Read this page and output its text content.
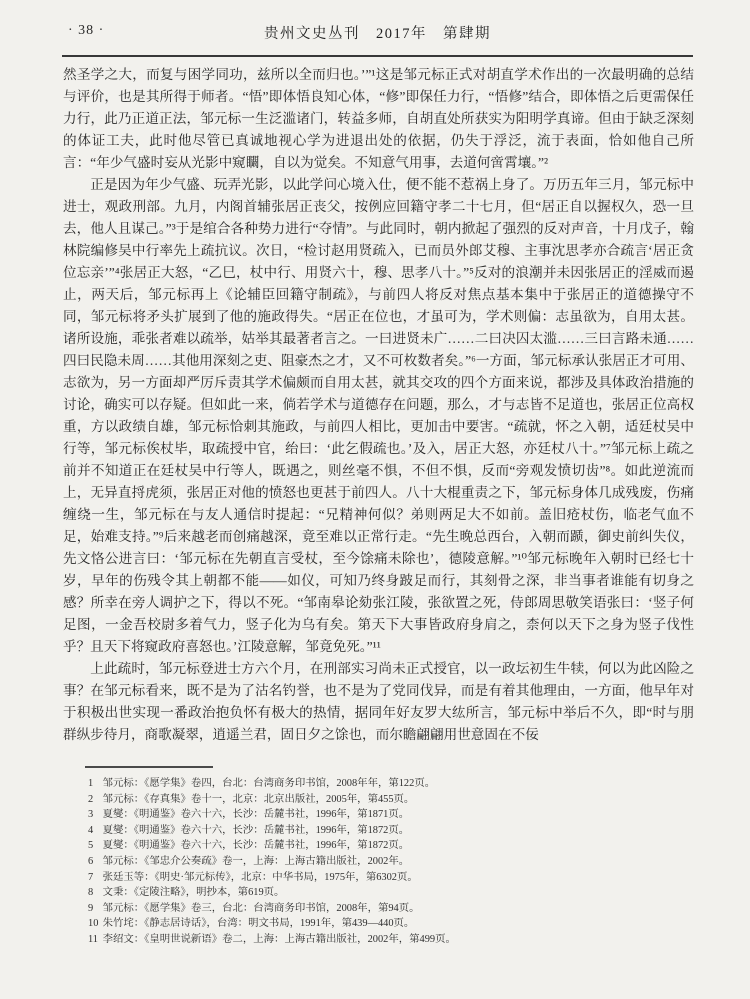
· 38 ·	贵州文史丛刊　2017年　第肆期

然圣学之大，而复与困学同功，兹所以全而归也。’”¹这是邹元标正式对胡直学术作出的一次最明确的总结与评价，也是其所得于师者。“悟”即体悟良知心体，“修”即保任力行，“悟修”结合，即体悟之后更需保任力行，此乃正道正法，邹元标一生泛滥诸门，转益多师，自胡直处所获实为阳明学真谛。但由于缺乏深刻的体证工夫，此时他尽管已真诚地视心学为进退出处的依据，仍失于浮泛，流于表面，恰如他自己所言：“年少气盛时妄从光影中窥矙，自以为觉矣。不知意气用事，去道何啻霄壤。”²

正是因为年少气盛、玩弄光影，以此学问心境入仕，便不能不惹祸上身了。万历五年三月，邹元标中进士，观政刑部。九月，内阁首辅张居正丧父，按例应回籍守孝二十七月，但“居正自以握权久，恐一旦去，他人且谋己。”³于是绾合各种势力进行“夺情”。与此同时，朝内掀起了强烈的反对声音，十月戊子，翰林院编修吴中行率先上疏抗议。次日，“检讨赵用贤疏入，已而员外郎艾穆、主事沈思孝亦合疏言‘居正贪位忘亲’”⁴张居正大怒，“乙巳，杖中行、用贤六十，穆、思孝八十。”⁵反对的浪潮并未因张居正的淫威而遏止，两天后，邹元标再上《论辅臣回籍守制疏》，与前四人将反对焦点基本集中于张居正的道德操守不同，邹元标将矛头扩展到了他的施政得失。“居正在位也，才虽可为，学术则偏：志虽欲为，自用太甚。诸所设施，乖张者难以疏举，姑举其最著者言之。一曰进贤未广……二曰决囚太滥……三曰言路未通……四曰民隐未周……其他用深刻之吏、阻豪杰之才，又不可枚数者矣。”⁶一方面，邹元标承认张居正才可用、志欲为，另一方面却严厉斥责其学术偏颇而自用太甚，就其交攻的四个方面来说，都涉及具体政治措施的讨论，确实可以存疑。但如此一来，倘若学术与道德存在问题，那么，才与志皆不足道也，张居正位高权重，方以政绩自雄，邹元标恰刺其施政，与前四人相比，更加击中要害。“疏就，怀之入朝，适廷杖吴中行等，邹元标俟杖毕，取疏授中官，绐曰：‘此乞假疏也。’及入，居正大怒，亦廷杖八十。”⁷邹元标上疏之前并不知道正在廷杖吴中行等人，既遇之，则丝毫不惧，不但不惧，反而“旁观发愤切齿”⁸。如此逆流而上，无异直捋虎须，张居正对他的愤怒也更甚于前四人。八十大棍重责之下，邹元标身体几成残废，伤痛缠绕一生，邹元标在与友人通信时提起：“兄精神何似？弟则两足大不如前。盖旧疮杖伤，临老气血不足，始难支持。”⁹后来越老而创痛越深，竟至难以正常行走。“先生晚总西台，入朝而踬，御史前纠失仪，先文恪公进言曰：‘邹元标在先朝直言受杖，至今馀痛未除也’，德陵意解。”¹⁰邹元标晚年入朝时已经七十岁，早年的伤残令其上朝都不能——如仪，可知乃终身跛足而行，其刻骨之深，非当事者谁能有切身之感？所幸在旁人调护之下，得以不死。“邹南皋论劾张江陵，张欲置之死，侍郎周思敬笑语张曰：‘竖子何足图，一金吾校尉多着气力，竖子化为乌有矣。第天下大事皆政府身肩之，柰何以天下之身为竖子伐性乎？且天下将窥政府喜怒也。’江陵意解，邹竟免死。”¹¹

上此疏时，邹元标登进士方六个月，在刑部实习尚未正式授官，以一政坛初生牛犊，何以为此凶险之事？在邹元标看来，既不是为了沽名钓誉，也不是为了党同伐异，而是有着其他理由，一方面，他早年对于积极出世实现一番政治抱负怀有极大的热情，据同年好友罗大纮所言，邹元标中举后不久，即“时与朋群纵步待月，商歌凝翠，逍遥兰君，固日夕之馀也，而尔瞻翩翩用世意固在不佞

1 邹元标：《愿学集》卷四，台北：台湾商务印书馆，2008年年，第122页。

2 邹元标：《存真集》卷十一，北京：北京出版社，2005年，第455页。

3 夏燮：《明通鉴》卷六十六，长沙：岳麓书社，1996年，第1871页。

4 夏燮：《明通鉴》卷六十六，长沙：岳麓书社，1996年，第1872页。

5 夏燮：《明通鉴》卷六十六，长沙：岳麓书社，1996年，第1872页。

6 邹元标：《邹忠介公奏疏》卷一，上海：上海古籍出版社，2002年。

7 张廷玉等：《明史·邹元标传》，北京：中华书局，1975年，第6302页。

8 文秉：《定陵注略》，明抄本，第619页。

9 邹元标：《愿学集》卷三，台北：台湾商务印书馆，2008年，第94页。

10 朱竹垞：《静志居诗话》，台湾：明文书局，1991年，第439—440页。

11 李绍文：《皇明世说新语》卷二，上海：上海古籍出版社，2002年，第499页。
